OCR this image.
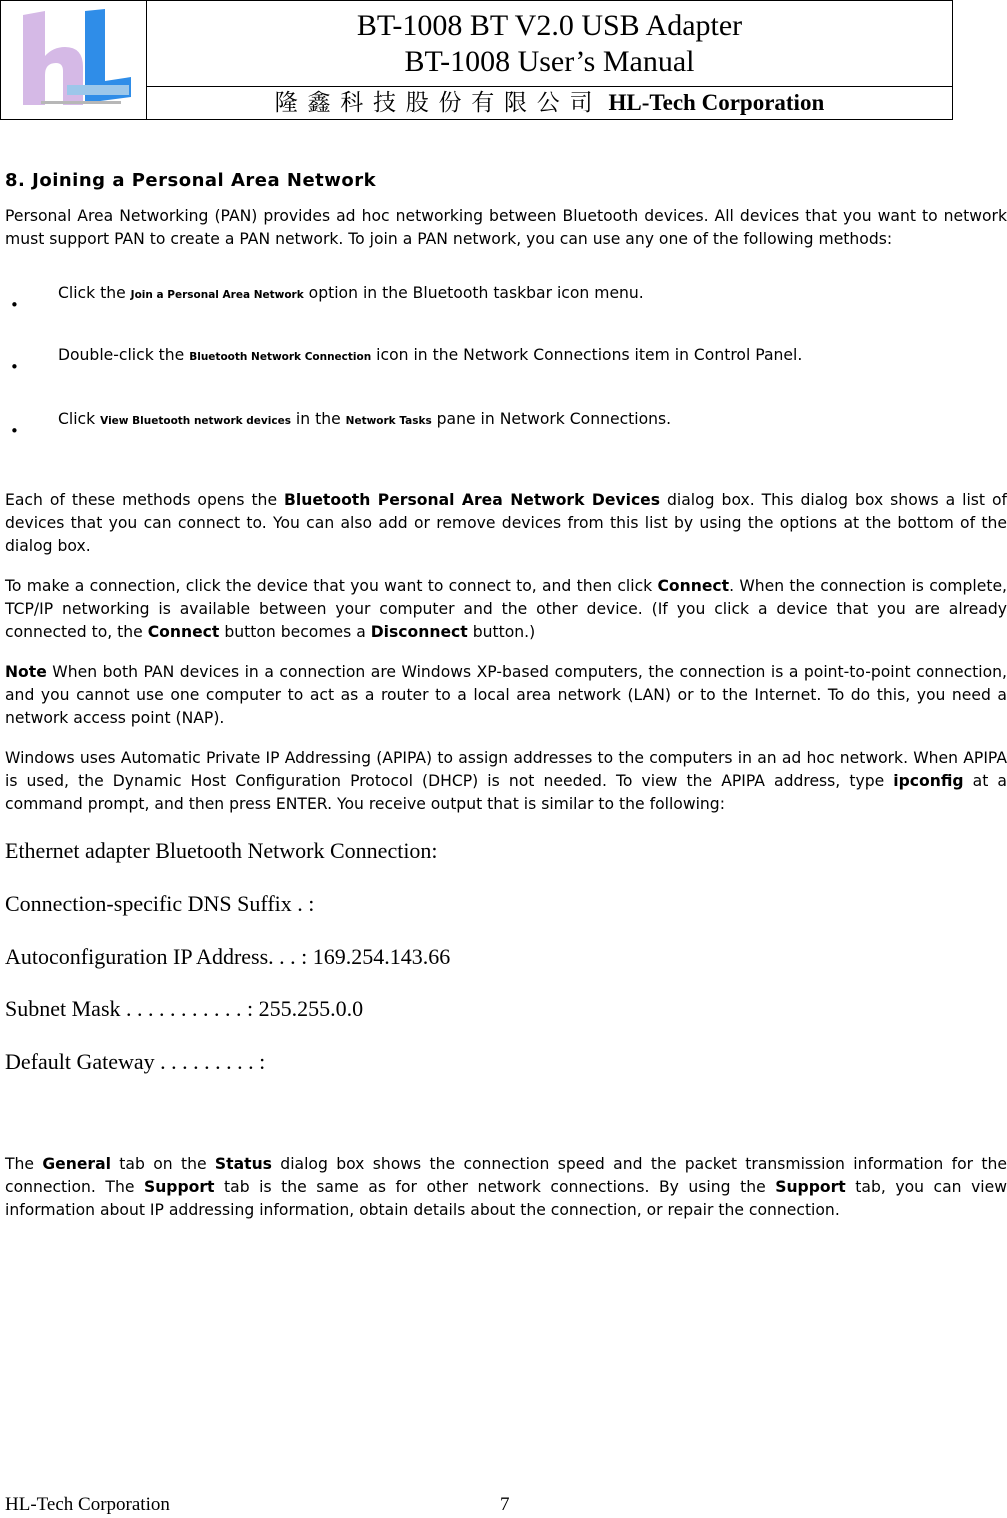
BT-1008 BT V2.0 USB Adapter
BT-1008 User’s Manual
隆 鑫 科 技 股 份 有 限 公 司 HL-Tech Corporation
8. Joining a Personal Area Network
Personal Area Networking (PAN) provides ad hoc networking between Bluetooth devices. All devices that you want to network must support PAN to create a PAN network. To join a PAN network, you can use any one of the following methods:
•
Click the Join a Personal Area Network option in the Bluetooth taskbar icon menu.
•
Double-click the Bluetooth Network Connection icon in the Network Connections item in Control Panel.
•
Click View Bluetooth network devices in the Network Tasks pane in Network Connections.
Each of these methods opens the Bluetooth Personal Area Network Devices dialog box. This dialog box shows a list of devices that you can connect to. You can also add or remove devices from this list by using the options at the bottom of the dialog box.
To make a connection, click the device that you want to connect to, and then click Connect. When the connection is complete, TCP/IP networking is available between your computer and the other device. (If you click a device that you are already connected to, the Connect button becomes a Disconnect button.)
Note When both PAN devices in a connection are Windows XP-based computers, the connection is a point-to-point connection, and you cannot use one computer to act as a router to a local area network (LAN) or to the Internet. To do this, you need a network access point (NAP).
Windows uses Automatic Private IP Addressing (APIPA) to assign addresses to the computers in an ad hoc network. When APIPA is used, the Dynamic Host Configuration Protocol (DHCP) is not needed. To view the APIPA address, type ipconfig at a command prompt, and then press ENTER. You receive output that is similar to the following:
Ethernet adapter Bluetooth Network Connection:
Connection-specific DNS Suffix . :
Autoconfiguration IP Address. . . : 169.254.143.66
Subnet Mask . . . . . . . . . . . : 255.255.0.0
Default Gateway . . . . . . . . . :
The General tab on the Status dialog box shows the connection speed and the packet transmission information for the connection. The Support tab is the same as for other network connections. By using the Support tab, you can view information about IP addressing information, obtain details about the connection, or repair the connection.
HL-Tech Corporation	7
